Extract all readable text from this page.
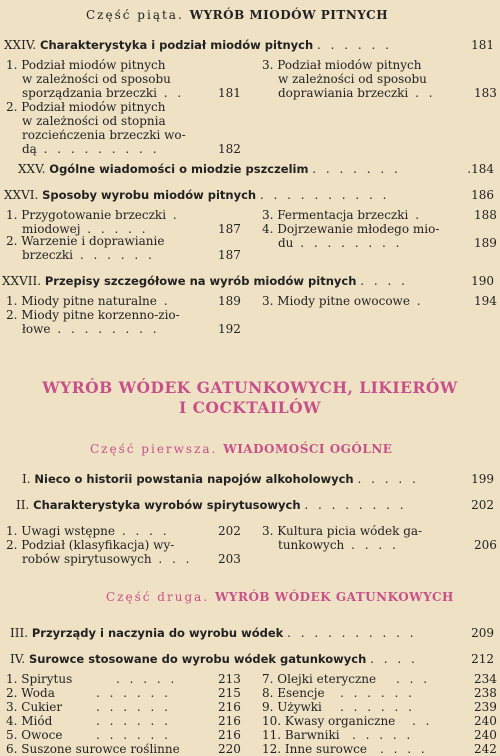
Część piąta. WYRÓB MIODÓW PITNYCH
XXIV. Charakterystyka i podział miodów pitnych . . . . . .	181
1. Podział miodów pitnych
w zależności od sposobu
sporządzania brzeczki . .	181
2. Podział miodów pitnych
w zależności od stopnia
rozcieńczenia brzeczki wo-
dą . . . . . . . . .	182
3. Podział miodów pitnych
w zależności od sposobu
doprawiania brzeczki . .	183
XXV. Ogólne wiadomości o miodzie pszczelim . . . . . . .	.184
XXVI. Sposoby wyrobu miodów pitnych . . . . . . . . . .	186
1. Przygotowanie brzeczki .
miodowej . . . . .	187
2. Warzenie i doprawianie
brzeczki . . . . . .	187
3. Fermentacja brzeczki .	188
4. Dojrzewanie młodego mio-
du . . . . . . . .	189
XXVII. Przepisy szczegółowe na wyrób miodów pitnych . . . .	190
1. Miody pitne naturalne .	189
2. Miody pitne korzenno-zio-
łowe . . . . . . . .	192
3. Miody pitne owocowe .	194
WYRÓB WÓDEK GATUNKOWYCH, LIKIERÓW
I COCKTAILÓW
Część pierwsza. WIADOMOŚCI OGÓLNE
I. Nieco o historii powstania napojów alkoholowych . . . . .	199
II. Charakterystyka wyrobów spirytusowych . . . . . . . .	202
1. Uwagi wstępne . . . .	202
2. Podział (klasyfikacja) wy-
robów spirytusowych . . . 203
3. Kultura picia wódek ga-
tunkowych . . . .	206
Część druga. WYRÓB WÓDEK GATUNKOWYCH
III. Przyrządy i naczynia do wyrobu wódek . . . . . . . . . .	209
IV. Surowce stosowane do wyrobu wódek gatunkowych . . . .	212
1. Spirytus	. . . . .	213
2. Woda	. . . . . .	215
3. Cukier	. . . . . .	216
4. Miód	. . . . . .	216
5. Owoce	. . . . . .	216
6. Suszone surowce roślinne	220
7. Olejki eteryczne . . .	234
8. Esencje . . . . . .	238
9. Używki . . . . . .	239
10. Kwasy organiczne . .	240
11. Barwniki . . . . .	240
12. Inne surowce . . . .	242
